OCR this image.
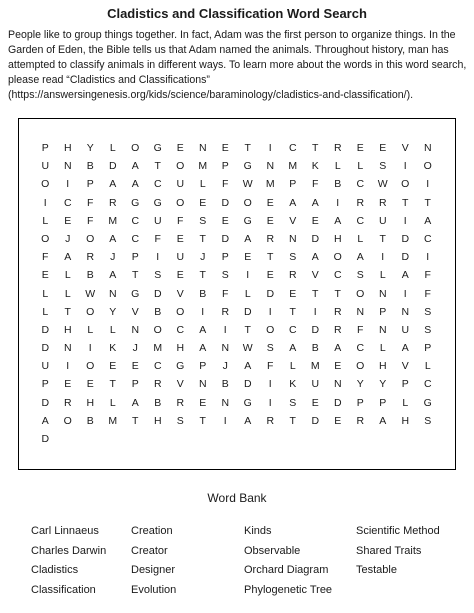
Cladistics and Classification Word Search

People like to group things together. In fact, Adam was the first person to organize things. In the Garden of Eden, the Bible tells us that Adam named the animals. Throughout history, man has attempted to classify animals in different ways. To learn more about the words in this word search, please read “Cladistics and Classifications” (https://answersingenesis.org/kids/science/baraminology/cladistics-and-classification/).

P	H	Y	L	O	G	E	N	E	T	I	C	T	R	E	E	V	N
U	N	B	D	A	T	O	M	P	G	N	M	K	L	L	S	I	O
O	I	P	A	A	C	U	L	F	W	M	P	F	B	C	W	O	I
I	C	F	R	G	G	O	E	D	O	E	A	A	I	R	R	T	T
L	E	F	M	C	U	F	S	E	G	E	V	E	A	C	U	I	A
O	J	O	A	C	F	E	T	D	A	R	N	D	H	L	T	D	C
F	A	R	J	P	I	U	J	P	E	T	S	A	O	A	I	D	I
E	L	B	A	T	S	E	T	S	I	E	R	V	C	S	L	A	F
L	L	W	N	G	D	V	B	F	L	D	E	T	T	O	N	I	F
L	T	O	Y	V	B	O	I	R	D	I	T	I	R	N	P	N	S
D	H	L	L	N	O	C	A	I	T	O	C	D	R	F	N	U	S
D	N	I	K	J	M	H	A	N	W	S	A	B	A	C	L	A	P
U	I	O	E	E	C	G	P	J	A	F	L	M	E	O	H	V	L
P	E	E	T	P	R	V	N	B	D	I	K	U	N	Y	Y	P	C
D	R	H	L	A	B	R	E	N	G	I	S	E	D	P	P	L	G
A	O	B	M	T	H	S	T	I	A	R	T	D	E	R	A	H	S
D
Word Bank
Carl Linnaeus
Charles Darwin
Cladistics
Classification
Creation
Creator
Designer
Evolution
Kinds
Observable
Orchard Diagram
Phylogenetic Tree
Scientific Method
Shared Traits
Testable
